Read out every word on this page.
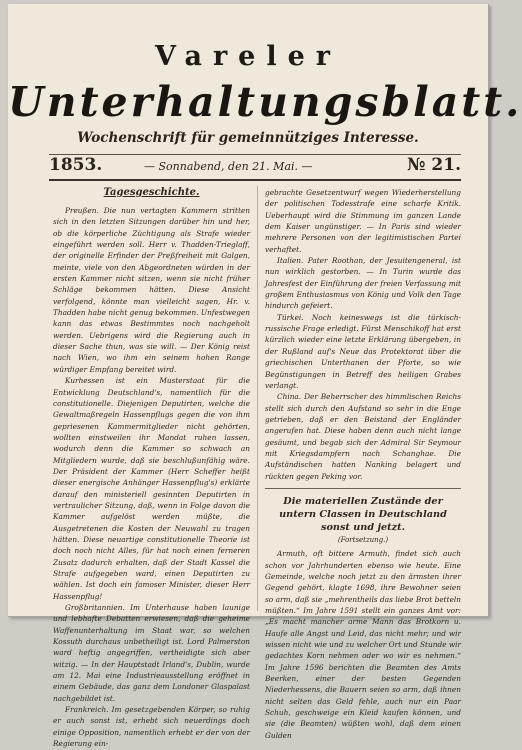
Vareler
Unterhaltungsblatt.
Wochenschrift für gemeinnütziges Interesse.
1853.	— Sonnabend, den 21. Mai. —	№ 21.
Tagesgeschichte.

Preußen. Die nun vertagten Kammern stritten sich in den letzten Sitzungen darüber hin und her, ob die körperliche Züchtigung als Strafe wieder eingeführt werden soll. Herr v. Thadden-Trieglaff, der originelle Erfinder der Preßfreiheit mit Galgen, meinte, viele von den Abgeordneten würden in der ersten Kammer nicht sitzen, wenn sie nicht früher Schläge bekommen hätten. Diese Ansicht verfolgend, könnte man vielleicht sagen, Hr. v. Thadden habe nicht genug bekommen. Unfestwegen kann das etwas Bestimmtes noch nachgeholt werden. Uebrigens wird die Regierung auch in dieser Sache thun, was sie will. — Der König reist nach Wien, wo ihm ein seinem hohen Range würdiger Empfang bereitet wird.

Kurhessen ist ein Musterstaat für die Entwicklung Deutschland's, namentlich für die constitutionelle. Diejenigen Deputirten, welche die Gewaltmaßregeln Hassenpflugs gegen die von ihm gepriesenen Kammermitglieder nicht gehörten, wollten einstweilen ihr Mandat ruhen lassen, wodurch denn die Kammer so schwach an Mitgliedern wurde, daß sie beschlußunfähig wäre. Der Präsident der Kammer (Herr Scheffer heißt dieser energische Anhänger Hassenpflug's) erklärte darauf den ministeriell gesinnten Deputirten in vertraulicher Sitzung, daß, wenn in Folge davon die Kammer aufgelöst werden müßte, die Ausgetretenen die Kosten der Neuwahl zu tragen hätten. Diese neuartige constitutionelle Theorie ist doch noch nicht Alles, für hat noch einen ferneren Zusatz dadurch erhalten, daß der Stadt Kassel die Strafe aufgegeben ward, einen Deputirten zu wählen. Ist doch ein famoser Minister, dieser Herr Hassenpflug!

Großbritannien. Im Unterhause haben launige und lebhafte Debatten erwiesen, daß die geheime Waffenunterhaltung im Staat war, so welchen Kossuth durchaus unbetheiligt ist. Lord Palmerston ward heftig angegriffen, vertheidigte sich aber witzig. — In der Hauptstadt Irland's, Dublin, wurde am 12. Mai eine Industrieausstellung eröffnet in einem Gebäude, das ganz dem Londoner Glaspalast nachgebildet ist.

Frankreich. Im gesetzgebenden Körper, so ruhig er auch sonst ist, erhebt sich neuerdings doch einige Opposition, namentlich erhebt er der von der Regierung ein-

gebrachte Gesetzentwurf wegen Wiederherstellung der politischen Todesstrafe eine scharfe Kritik. Ueberhaupt wird die Stimmung im ganzen Lande dem Kaiser ungünstiger. — In Paris sind wieder mehrere Personen von der legitimistischen Partei verhaftet.

Italien. Pater Roothan, der Jesuitengeneral, ist nun wirklich gestorben. — In Turin wurde das Jahresfest der Einführung der freien Verfassung mit großem Enthusiasmus von König und Volk den Tage hindurch gefeiert.

Türkei. Noch keineswegs ist die türkisch-russische Frage erledigt. Fürst Menschikoff hat erst kürzlich wieder eine letzte Erklärung übergeben, in der Rußland auf's Neue das Protektorat über die griechischen Unterthanen der Pforte, so wie Begünstigungen in Betreff des heiligen Grabes verlangt.

China. Der Beherrscher des himmlischen Reichs stellt sich durch den Aufstand so sehr in die Enge getrieben, daß er den Beistand der Engländer angerufen hat. Diese haben denn auch nicht lange gesäumt, und begab sich der Admiral Sir Seymour mit Kriegsdampfern nach Schanghae. Die Aufständischen hatten Nanking belagert und rückten gegen Peking vor.

Die materiellen Zustände der untern Classen in Deutschland sonst und jetzt.
(Fortsetzung.)

Armuth, oft bittere Armuth, findet sich auch schon vor Jahrhunderten ebenso wie heute. Eine Gemeinde, welche noch jetzt zu den ärmsten ihrer Gegend gehört, klagte 1698, ihre Bewohner seien so arm, daß sie „mehrentheils das liebe Brot betteln müßten.“ Im Jahre 1591 stellt ein ganzes Amt vor: „Es macht mancher arme Mann das Brotkorn u. Haufe alle Angst und Leid, das nicht mehr; und wir wissen nicht wie und zu welcher Ort und Stunde wir gedachtes Korn nehmen oder wo wir es nehmen.“ Im Jahre 1596 berichten die Beamten des Amts Beerken, einer der besten Gegenden Niederhessens, die Bauern seien so arm, daß ihnen nicht selten das Geld fehle, auch nur ein Paar Schuh, geschweige ein Kleid kaufen können, und sie (die Beamten) wüßten wohl, daß dem einen Gulden
